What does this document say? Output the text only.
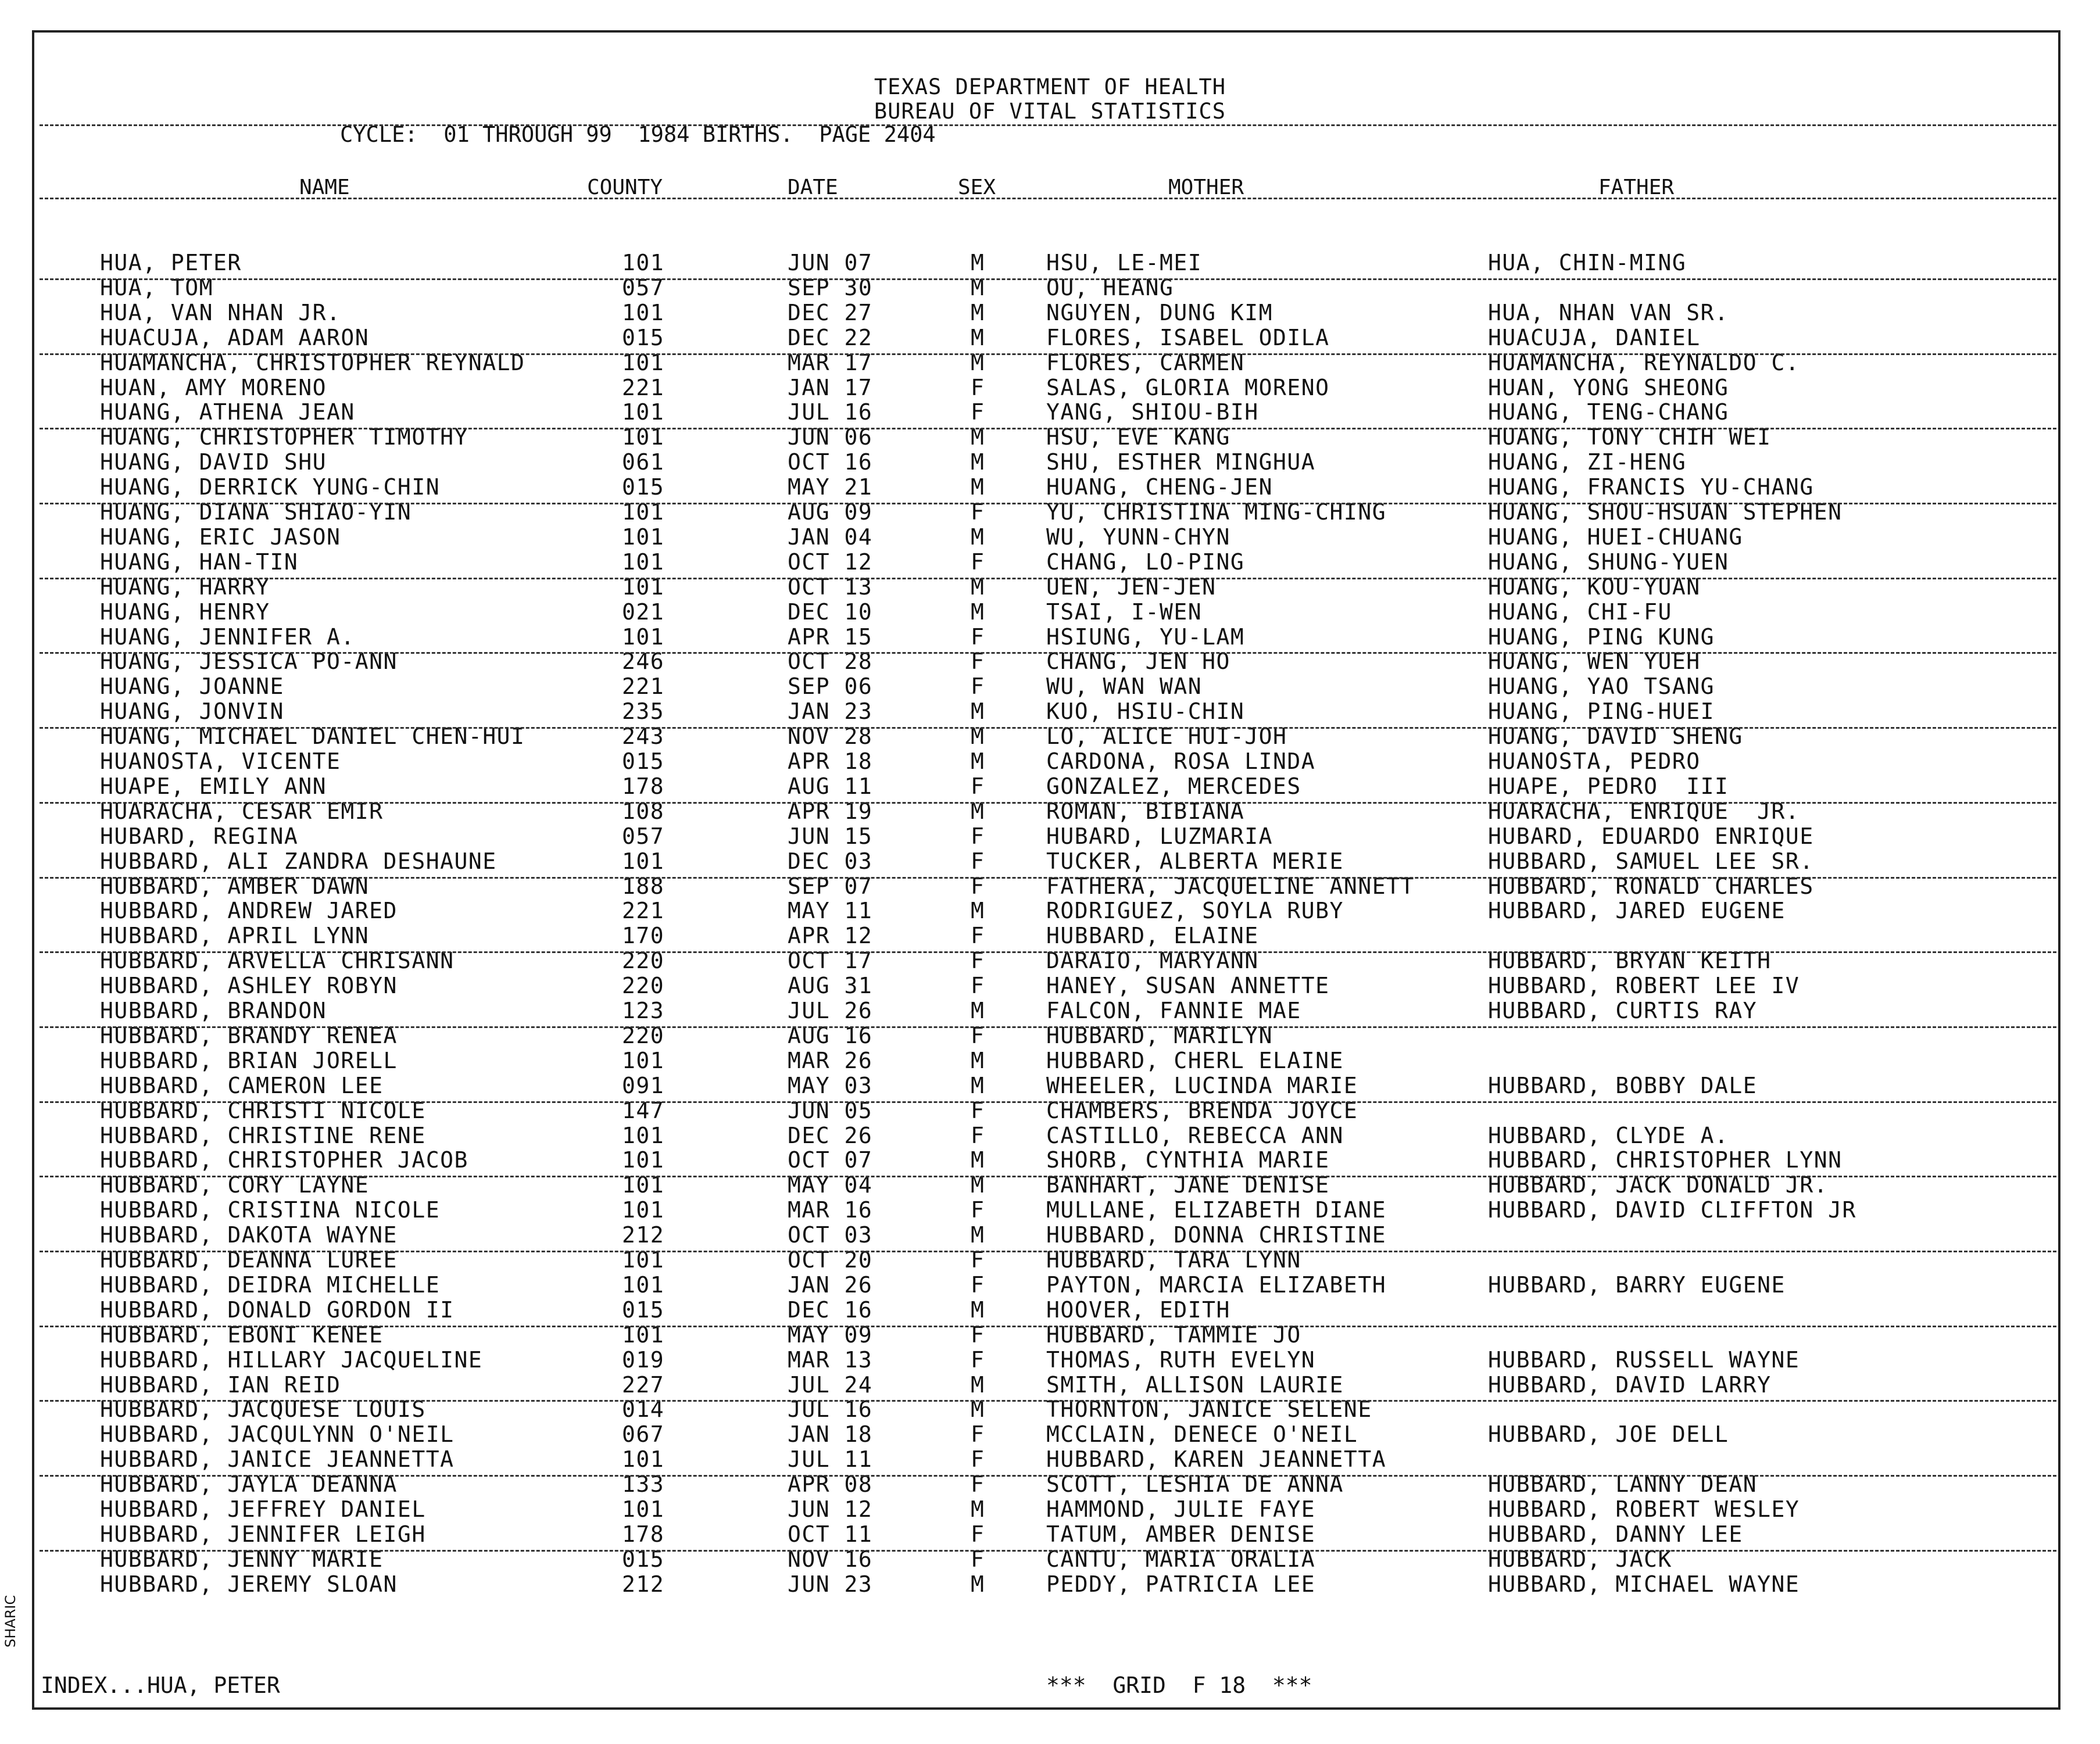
TEXAS DEPARTMENT OF HEALTH
BUREAU OF VITAL STATISTICS
CYCLE:  01 THROUGH 99  1984 BIRTHS.  PAGE 2404
NAME	COUNTY	DATE	SEX	MOTHER	FATHER
HUA, PETER	101	JUN 07	M	HSU, LE-MEI	HUA, CHIN-MING
HUA, TOM	057	SEP 30	M	OU, HEANG
HUA, VAN NHAN JR.	101	DEC 27	M	NGUYEN, DUNG KIM	HUA, NHAN VAN SR.
HUACUJA, ADAM AARON	015	DEC 22	M	FLORES, ISABEL ODILA	HUACUJA, DANIEL
HUAMANCHA, CHRISTOPHER REYNALD	101	MAR 17	M	FLORES, CARMEN	HUAMANCHA, REYNALDO C.
HUAN, AMY MORENO	221	JAN 17	F	SALAS, GLORIA MORENO	HUAN, YONG SHEONG
HUANG, ATHENA JEAN	101	JUL 16	F	YANG, SHIOU-BIH	HUANG, TENG-CHANG
HUANG, CHRISTOPHER TIMOTHY	101	JUN 06	M	HSU, EVE KANG	HUANG, TONY CHIH WEI
HUANG, DAVID SHU	061	OCT 16	M	SHU, ESTHER MINGHUA	HUANG, ZI-HENG
HUANG, DERRICK YUNG-CHIN	015	MAY 21	M	HUANG, CHENG-JEN	HUANG, FRANCIS YU-CHANG
HUANG, DIANA SHIAO-YIN	101	AUG 09	F	YU, CHRISTINA MING-CHING	HUANG, SHOU-HSUAN STEPHEN
HUANG, ERIC JASON	101	JAN 04	M	WU, YUNN-CHYN	HUANG, HUEI-CHUANG
HUANG, HAN-TIN	101	OCT 12	F	CHANG, LO-PING	HUANG, SHUNG-YUEN
HUANG, HARRY	101	OCT 13	M	UEN, JEN-JEN	HUANG, KOU-YUAN
HUANG, HENRY	021	DEC 10	M	TSAI, I-WEN	HUANG, CHI-FU
HUANG, JENNIFER A.	101	APR 15	F	HSIUNG, YU-LAM	HUANG, PING KUNG
HUANG, JESSICA PO-ANN	246	OCT 28	F	CHANG, JEN HO	HUANG, WEN YUEH
HUANG, JOANNE	221	SEP 06	F	WU, WAN WAN	HUANG, YAO TSANG
HUANG, JONVIN	235	JAN 23	M	KUO, HSIU-CHIN	HUANG, PING-HUEI
HUANG, MICHAEL DANIEL CHEN-HUI	243	NOV 28	M	LO, ALICE HUI-JOH	HUANG, DAVID SHENG
HUANOSTA, VICENTE	015	APR 18	M	CARDONA, ROSA LINDA	HUANOSTA, PEDRO
HUAPE, EMILY ANN	178	AUG 11	F	GONZALEZ, MERCEDES	HUAPE, PEDRO  III
HUARACHA, CESAR EMIR	108	APR 19	M	ROMAN, BIBIANA	HUARACHA, ENRIQUE  JR.
HUBARD, REGINA	057	JUN 15	F	HUBARD, LUZMARIA	HUBARD, EDUARDO ENRIQUE
HUBBARD, ALI ZANDRA DESHAUNE	101	DEC 03	F	TUCKER, ALBERTA MERIE	HUBBARD, SAMUEL LEE SR.
HUBBARD, AMBER DAWN	188	SEP 07	F	FATHERA, JACQUELINE ANNETT	HUBBARD, RONALD CHARLES
HUBBARD, ANDREW JARED	221	MAY 11	M	RODRIGUEZ, SOYLA RUBY	HUBBARD, JARED EUGENE
HUBBARD, APRIL LYNN	170	APR 12	F	HUBBARD, ELAINE
HUBBARD, ARVELLA CHRISANN	220	OCT 17	F	DARAIO, MARYANN	HUBBARD, BRYAN KEITH
HUBBARD, ASHLEY ROBYN	220	AUG 31	F	HANEY, SUSAN ANNETTE	HUBBARD, ROBERT LEE IV
HUBBARD, BRANDON	123	JUL 26	M	FALCON, FANNIE MAE	HUBBARD, CURTIS RAY
HUBBARD, BRANDY RENEA	220	AUG 16	F	HUBBARD, MARILYN
HUBBARD, BRIAN JORELL	101	MAR 26	M	HUBBARD, CHERL ELAINE
HUBBARD, CAMERON LEE	091	MAY 03	M	WHEELER, LUCINDA MARIE	HUBBARD, BOBBY DALE
HUBBARD, CHRISTI NICOLE	147	JUN 05	F	CHAMBERS, BRENDA JOYCE
HUBBARD, CHRISTINE RENE	101	DEC 26	F	CASTILLO, REBECCA ANN	HUBBARD, CLYDE A.
HUBBARD, CHRISTOPHER JACOB	101	OCT 07	M	SHORB, CYNTHIA MARIE	HUBBARD, CHRISTOPHER LYNN
HUBBARD, CORY LAYNE	101	MAY 04	M	BANHART, JANE DENISE	HUBBARD, JACK DONALD JR.
HUBBARD, CRISTINA NICOLE	101	MAR 16	F	MULLANE, ELIZABETH DIANE	HUBBARD, DAVID CLIFFTON JR
HUBBARD, DAKOTA WAYNE	212	OCT 03	M	HUBBARD, DONNA CHRISTINE
HUBBARD, DEANNA LUREE	101	OCT 20	F	HUBBARD, TARA LYNN
HUBBARD, DEIDRA MICHELLE	101	JAN 26	F	PAYTON, MARCIA ELIZABETH	HUBBARD, BARRY EUGENE
HUBBARD, DONALD GORDON II	015	DEC 16	M	HOOVER, EDITH
HUBBARD, EBONI KENEE	101	MAY 09	F	HUBBARD, TAMMIE JO
HUBBARD, HILLARY JACQUELINE	019	MAR 13	F	THOMAS, RUTH EVELYN	HUBBARD, RUSSELL WAYNE
HUBBARD, IAN REID	227	JUL 24	M	SMITH, ALLISON LAURIE	HUBBARD, DAVID LARRY
HUBBARD, JACQUESE LOUIS	014	JUL 16	M	THORNTON, JANICE SELENE
HUBBARD, JACQULYNN O'NEIL	067	JAN 18	F	MCCLAIN, DENECE O'NEIL	HUBBARD, JOE DELL
HUBBARD, JANICE JEANNETTA	101	JUL 11	F	HUBBARD, KAREN JEANNETTA
HUBBARD, JAYLA DEANNA	133	APR 08	F	SCOTT, LESHIA DE ANNA	HUBBARD, LANNY DEAN
HUBBARD, JEFFREY DANIEL	101	JUN 12	M	HAMMOND, JULIE FAYE	HUBBARD, ROBERT WESLEY
HUBBARD, JENNIFER LEIGH	178	OCT 11	F	TATUM, AMBER DENISE	HUBBARD, DANNY LEE
HUBBARD, JENNY MARIE	015	NOV 16	F	CANTU, MARIA ORALIA	HUBBARD, JACK
HUBBARD, JEREMY SLOAN	212	JUN 23	M	PEDDY, PATRICIA LEE	HUBBARD, MICHAEL WAYNE
INDEX...HUA, PETER	***  GRID  F 18  ***
SHARIC
